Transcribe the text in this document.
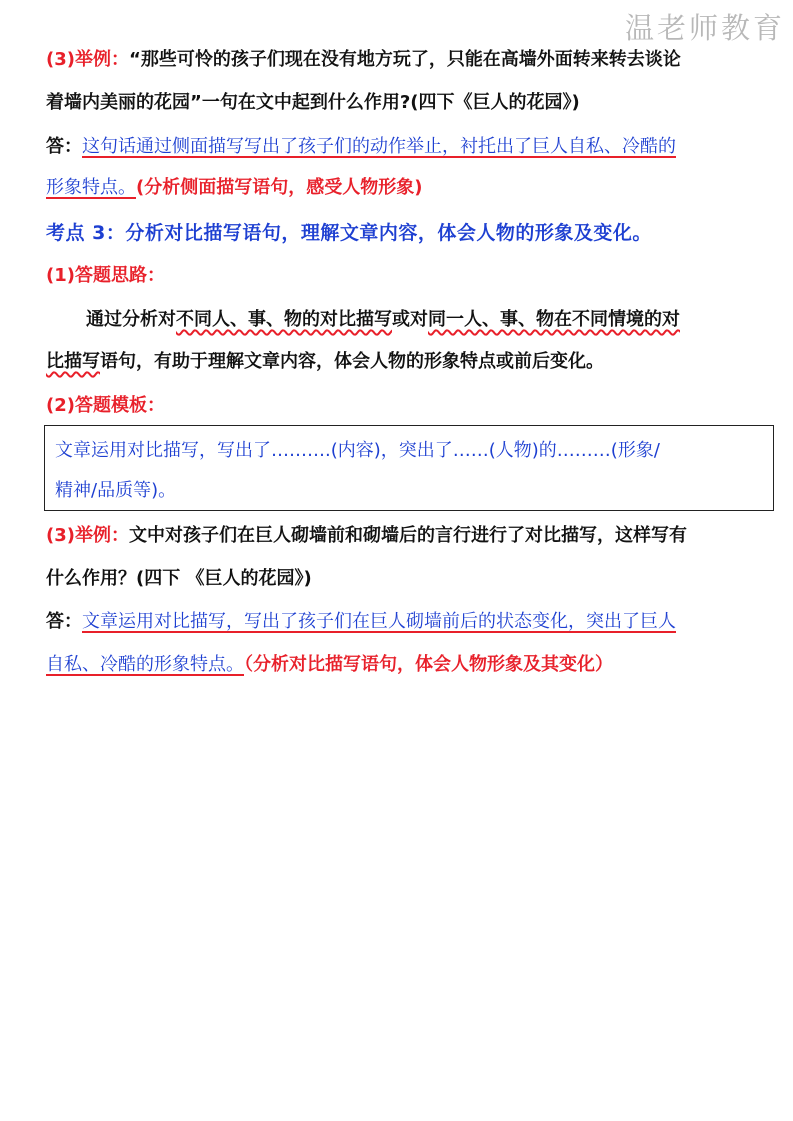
温老师教育
(3)举例：“那些可怜的孩子们现在没有地方玩了，只能在高墙外面转来转去谈论
着墙内美丽的花园”一句在文中起到什么作用?(四下《巨人的花园》)
答：这句话通过侧面描写写出了孩子们的动作举止，衬托出了巨人自私、冷酷的
形象特点。(分析侧面描写语句，感受人物形象)
考点 3：分析对比描写语句，理解文章内容，体会人物的形象及变化。
(1)答题思路：
通过分析对不同人、事、物的对比描写或对同一人、事、物在不同情境的对
比描写语句，有助于理解文章内容，体会人物的形象特点或前后变化。
(2)答题模板：
文章运用对比描写，写出了……….(内容)，突出了……(人物)的………(形象/
精神/品质等)。
(3)举例：文中对孩子们在巨人砌墙前和砌墙后的言行进行了对比描写，这样写有
什么作用？(四下 《巨人的花园》)
答：文章运用对比描写，写出了孩子们在巨人砌墙前后的状态变化，突出了巨人
自私、冷酷的形象特点。（分析对比描写语句，体会人物形象及其变化）
